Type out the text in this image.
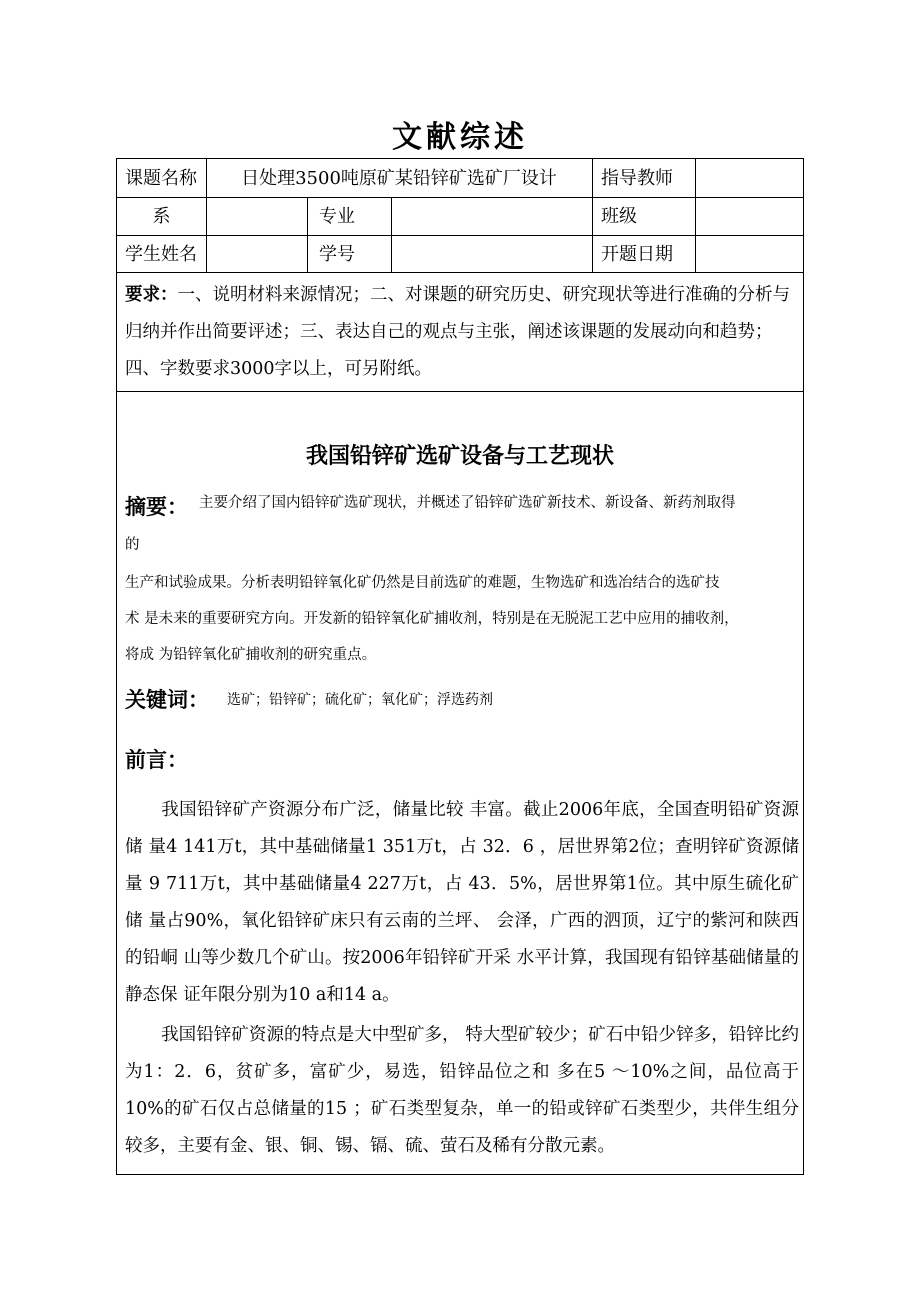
文献综述
课题名称	日处理3500吨原矿某铅锌矿选矿厂设计	指导教师
系	专业	班级
学生姓名	学号	开题日期
要求：一、说明材料来源情况；二、对课题的研究历史、研究现状等进行准确的分析与归纳并作出简要评述；三、表达自己的观点与主张，阐述该课题的发展动向和趋势；四、字数要求3000字以上，可另附纸。
我国铅锌矿选矿设备与工艺现状
摘要： 主要介绍了国内铅锌矿选矿现状，并概述了铅锌矿选矿新技术、新设备、新药剂取得
的
生产和试验成果。分析表明铅锌氧化矿仍然是目前选矿的难题，生物选矿和选冶结合的选矿技
术 是未来的重要研究方向。开发新的铅锌氧化矿捕收剂，特别是在无脱泥工艺中应用的捕收剂，
将成 为铅锌氧化矿捕收剂的研究重点。
关键词： 选矿；铅锌矿；硫化矿；氧化矿；浮选药剂
前言：
我国铅锌矿产资源分布广泛，储量比较 丰富。截止2006年底，全国查明铅矿资源储 量4 141万t，其中基础储量1 351万t，占 32．6 ，居世界第2位；查明锌矿资源储量 9 711万t，其中基础储量4 227万t，占 43．5%，居世界第1位。其中原生硫化矿储 量占90%，氧化铅锌矿床只有云南的兰坪、 会泽，广西的泗顶，辽宁的紫河和陕西的铅峒 山等少数几个矿山。按2006年铅锌矿开采 水平计算，我国现有铅锌基础储量的静态保 证年限分别为10 a和14 a。
我国铅锌矿资源的特点是大中型矿多， 特大型矿较少；矿石中铅少锌多，铅锌比约为1：2．6，贫矿多，富矿少，易选，铅锌品位之和 多在5 ～10%之间，品位高于10%的矿石仅占总储量的15 ；矿石类型复杂，单一的铅或锌矿石类型少，共伴生组分较多，主要有金、银、铜、锡、镉、硫、萤石及稀有分散元素。
